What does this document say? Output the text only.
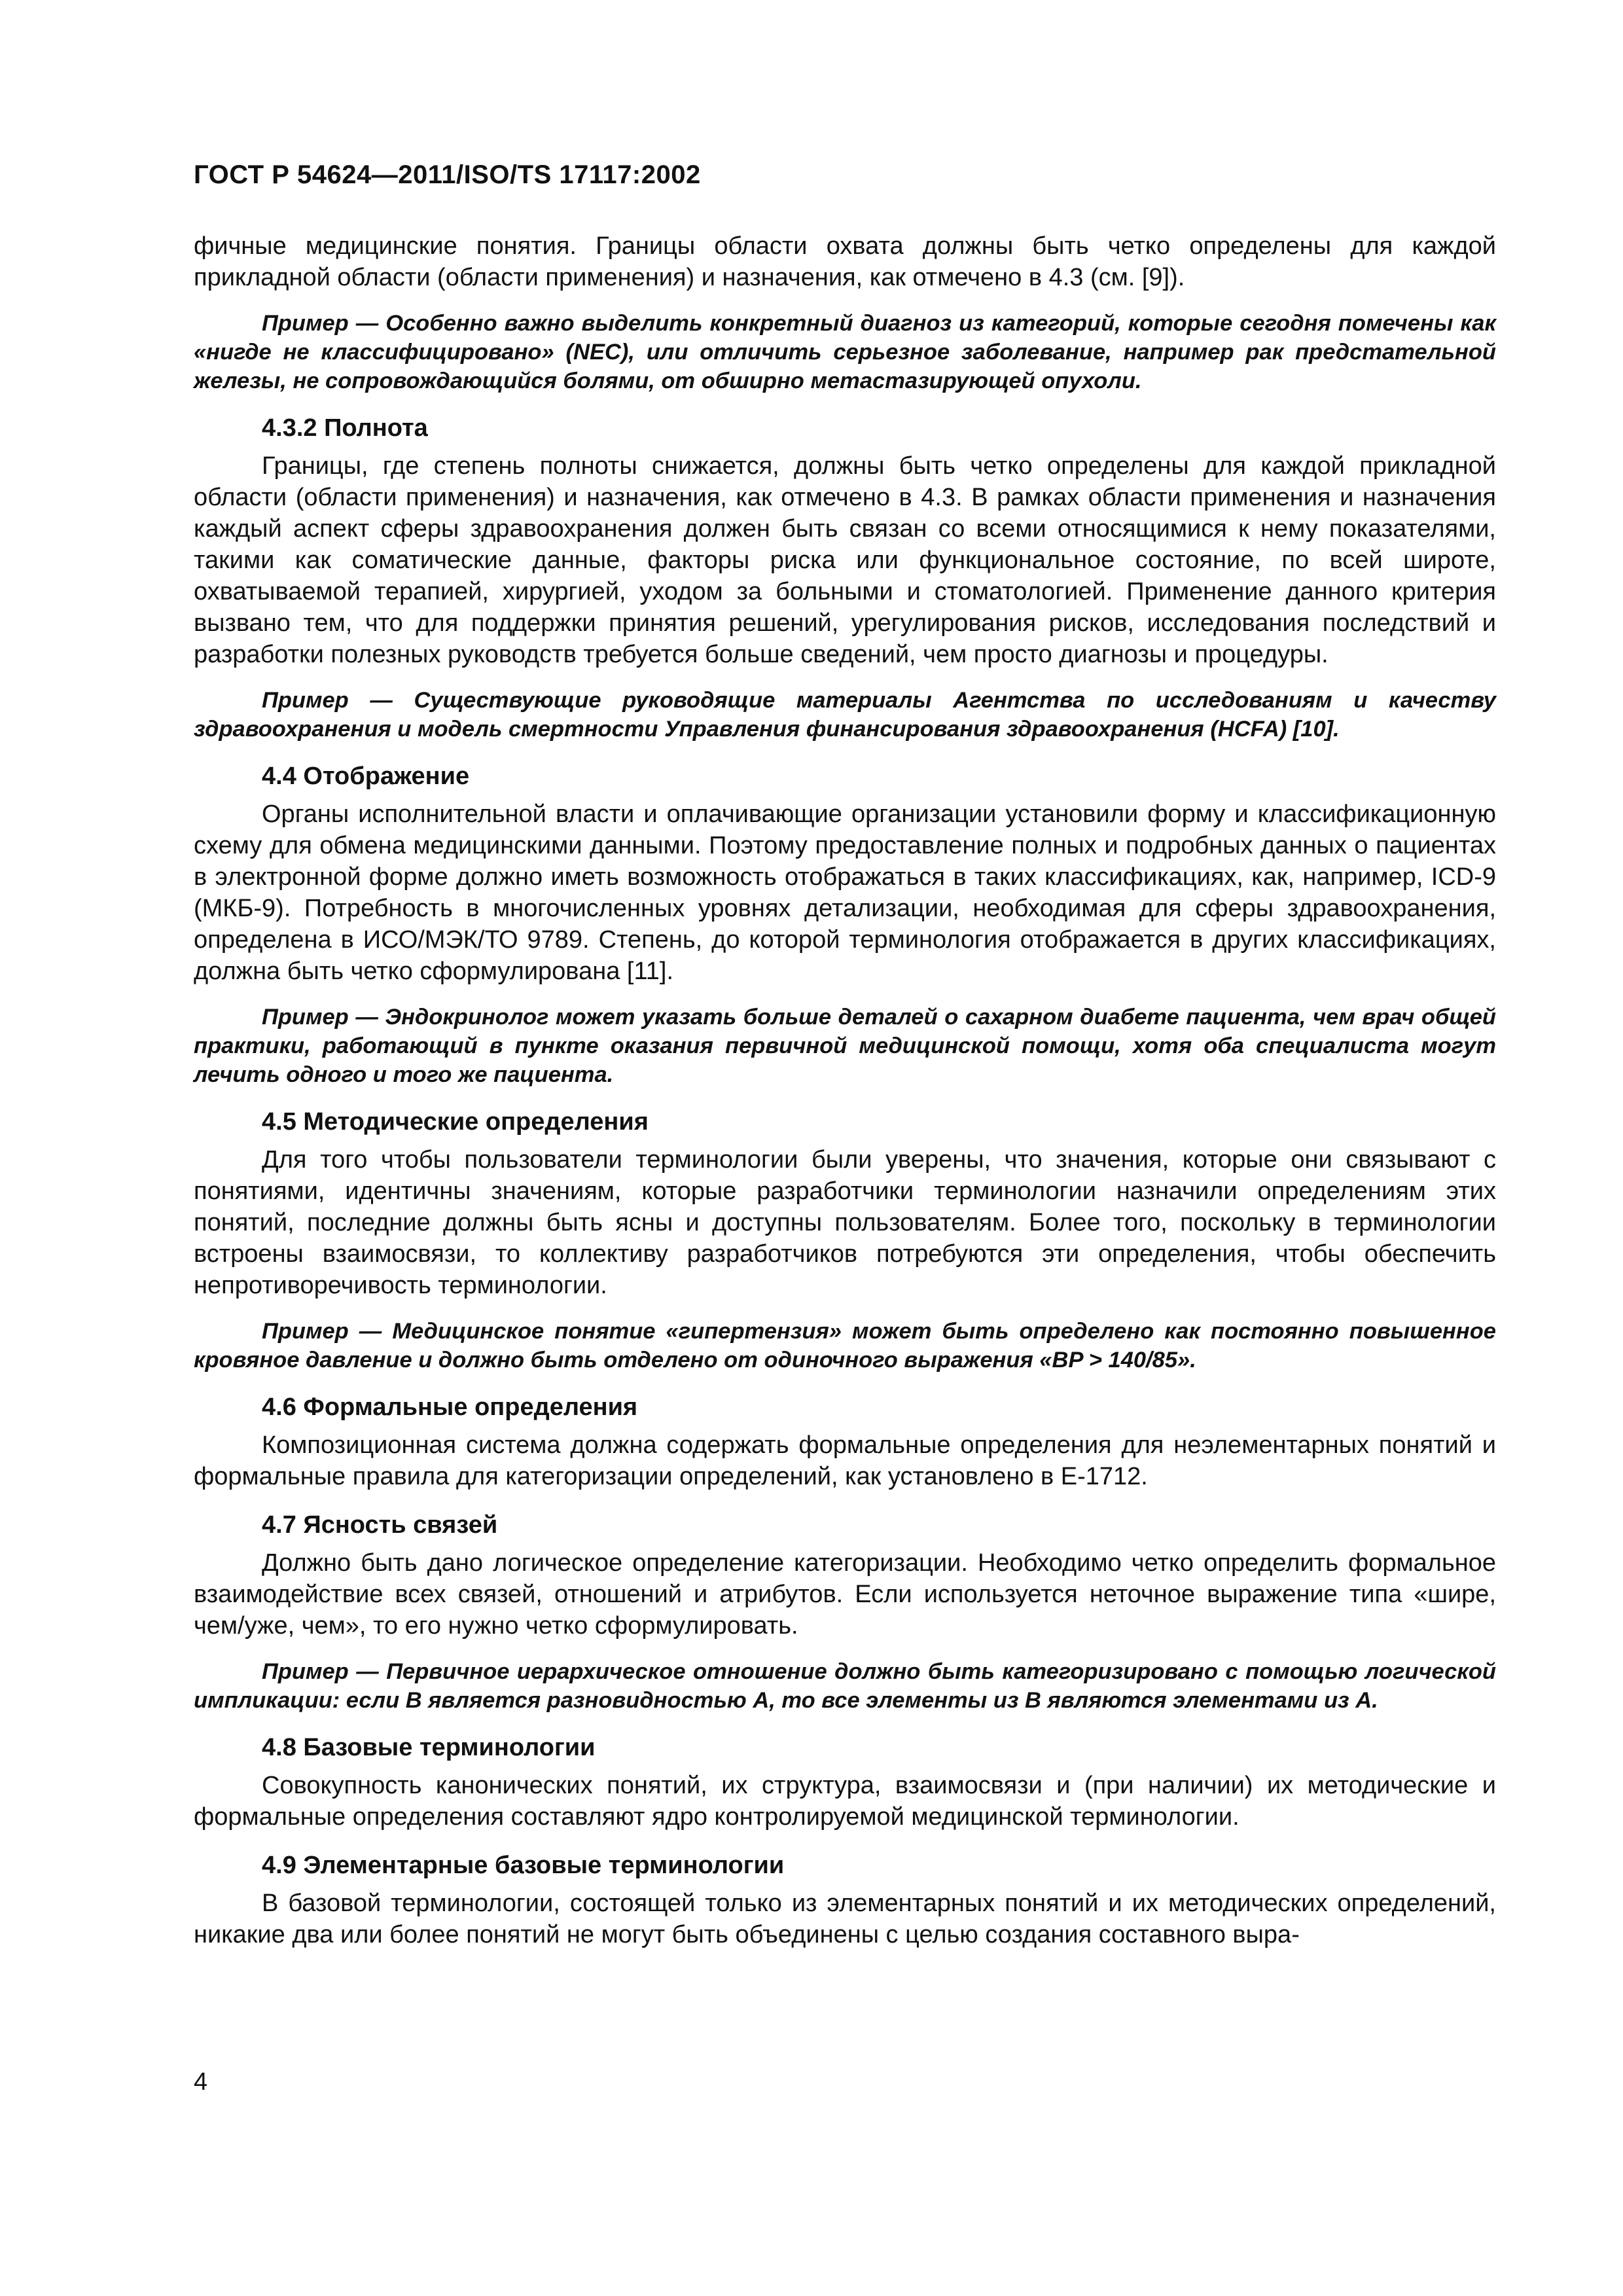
ГОСТ Р 54624—2011/ISO/TS 17117:2002

фичные медицинские понятия. Границы области охвата должны быть четко определены для каждой прикладной области (области применения) и назначения, как отмечено в 4.3 (см. [9]).

Пример — Особенно важно выделить конкретный диагноз из категорий, которые сегодня помечены как «нигде не классифицировано» (NEC), или отличить серьезное заболевание, например рак предстательной железы, не сопровождающийся болями, от обширно метастазирующей опухоли.

4.3.2 Полнота

Границы, где степень полноты снижается, должны быть четко определены для каждой прикладной области (области применения) и назначения, как отмечено в 4.3. В рамках области применения и назначения каждый аспект сферы здравоохранения должен быть связан со всеми относящимися к нему показателями, такими как соматические данные, факторы риска или функциональное состояние, по всей широте, охватываемой терапией, хирургией, уходом за больными и стоматологией. Применение данного критерия вызвано тем, что для поддержки принятия решений, урегулирования рисков, исследования последствий и разработки полезных руководств требуется больше сведений, чем просто диагнозы и процедуры.

Пример — Существующие руководящие материалы Агентства по исследованиям и качеству здравоохранения и модель смертности Управления финансирования здравоохранения (HCFA) [10].

4.4 Отображение

Органы исполнительной власти и оплачивающие организации установили форму и классификационную схему для обмена медицинскими данными. Поэтому предоставление полных и подробных данных о пациентах в электронной форме должно иметь возможность отображаться в таких классификациях, как, например, ICD-9 (МКБ-9). Потребность в многочисленных уровнях детализации, необходимая для сферы здравоохранения, определена в ИСО/МЭК/ТО 9789. Степень, до которой терминология отображается в других классификациях, должна быть четко сформулирована [11].

Пример — Эндокринолог может указать больше деталей о сахарном диабете пациента, чем врач общей практики, работающий в пункте оказания первичной медицинской помощи, хотя оба специалиста могут лечить одного и того же пациента.

4.5 Методические определения

Для того чтобы пользователи терминологии были уверены, что значения, которые они связывают с понятиями, идентичны значениям, которые разработчики терминологии назначили определениям этих понятий, последние должны быть ясны и доступны пользователям. Более того, поскольку в терминологии встроены взаимосвязи, то коллективу разработчиков потребуются эти определения, чтобы обеспечить непротиворечивость терминологии.

Пример — Медицинское понятие «гипертензия» может быть определено как постоянно повышенное кровяное давление и должно быть отделено от одиночного выражения «BP > 140/85».

4.6 Формальные определения

Композиционная система должна содержать формальные определения для неэлементарных понятий и формальные правила для категоризации определений, как установлено в Е-1712.

4.7 Ясность связей

Должно быть дано логическое определение категоризации. Необходимо четко определить формальное взаимодействие всех связей, отношений и атрибутов. Если используется неточное выражение типа «шире, чем/уже, чем», то его нужно четко сформулировать.

Пример — Первичное иерархическое отношение должно быть категоризировано с помощью логической импликации: если В является разновидностью А, то все элементы из В являются элементами из А.

4.8 Базовые терминологии

Совокупность канонических понятий, их структура, взаимосвязи и (при наличии) их методические и формальные определения составляют ядро контролируемой медицинской терминологии.

4.9 Элементарные базовые терминологии

В базовой терминологии, состоящей только из элементарных понятий и их методических определений, никакие два или более понятий не могут быть объединены с целью создания составного выра-

4
